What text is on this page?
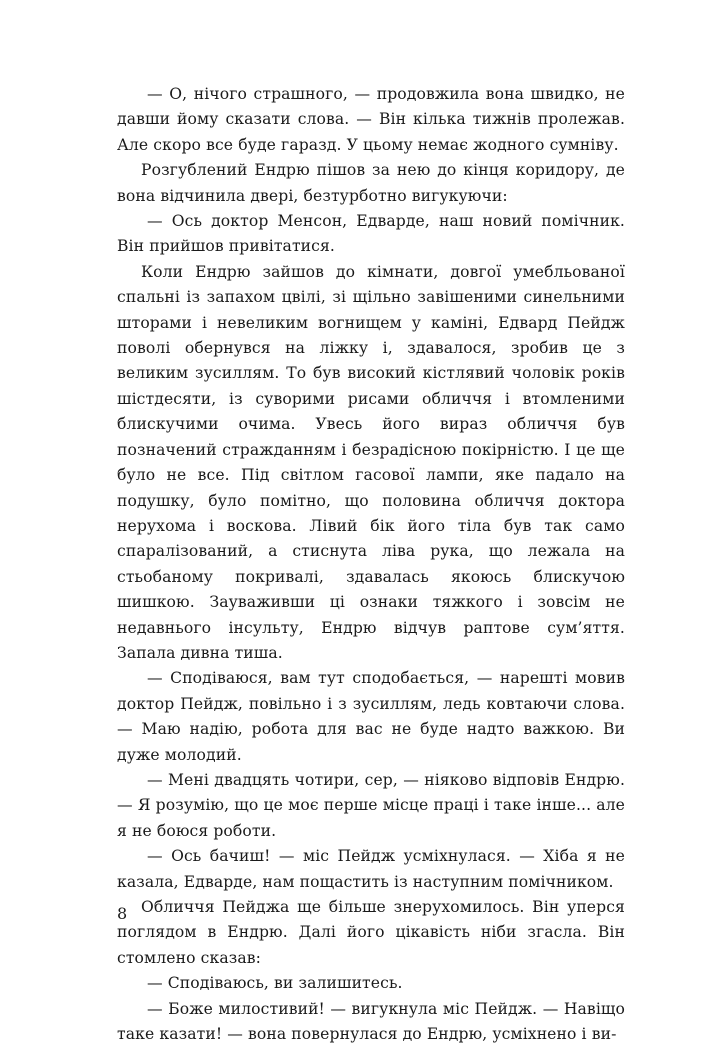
— О, нічого страшного, — продовжила вона швидко, не давши йому сказати слова. — Він кілька тижнів пролежав. Але скоро все буде гаразд. У цьому немає жодного сумніву.

Розгублений Ендрю пішов за нею до кінця коридору, де вона відчинила двері, безтурботно вигукуючи:

— Ось доктор Менсон, Едварде, наш новий помічник. Він прийшов привітатися.

Коли Ендрю зайшов до кімнати, довгої умебльованої спальні із запахом цвілі, зі щільно завішеними синельними шторами і невеликим вогнищем у каміні, Едвард Пейдж поволі обернувся на ліжку і, здавалося, зробив це з великим зусиллям. То був високий кістлявий чоловік років шістдесяти, із суворими рисами обличчя і втомленими блискучими очима. Увесь його вираз обличчя був позначений стражданням і безрадісною покірністю. І це ще було не все. Під світлом гасової лампи, яке падало на подушку, було помітно, що половина обличчя доктора нерухома і воскова. Лівий бік його тіла був так само спаралізований, а стиснута ліва рука, що лежала на стьобаному покривалі, здавалась якоюсь блискучою шишкою. Зауваживши ці ознаки тяжкого і зовсім не недавнього інсульту, Ендрю відчув раптове сум’яття. Запала дивна тиша.

— Сподіваюся, вам тут сподобається, — нарешті мовив доктор Пейдж, повільно і з зусиллям, ледь ковтаючи слова. — Маю надію, робота для вас не буде надто важкою. Ви дуже молодий.

— Мені двадцять чотири, сер, — ніяково відповів Ендрю. — Я розумію, що це моє перше місце праці і таке інше... але я не боюся роботи.

— Ось бачиш! — міс Пейдж усміхнулася. — Хіба я не казала, Едварде, нам пощастить із наступним помічником.

Обличчя Пейджа ще більше знерухомилось. Він уперся поглядом в Ендрю. Далі його цікавість ніби згасла. Він стомлено сказав:

— Сподіваюсь, ви залишитесь.

— Боже милостивий! — вигукнула міс Пейдж. — Навіщо таке казати! — вона повернулася до Ендрю, усміхнено і ви-

8
